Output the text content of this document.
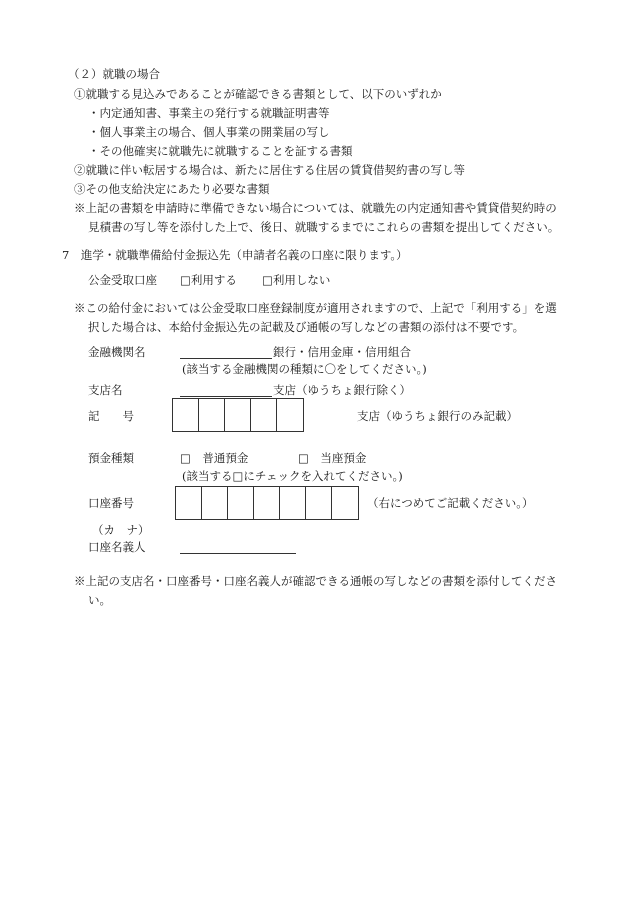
（２）就職の場合
①就職する見込みであることが確認できる書類として、以下のいずれか
・内定通知書、事業主の発行する就職証明書等
・個人事業主の場合、個人事業の開業届の写し
・その他確実に就職先に就職することを証する書類
②就職に伴い転居する場合は、新たに居住する住居の賃貸借契約書の写し等
③その他支給決定にあたり必要な書類
※上記の書類を申請時に準備できない場合については、就職先の内定通知書や賃貸借契約時の
見積書の写し等を添付した上で、後日、就職するまでにこれらの書類を提出してください。
7　進学・就職準備給付金振込先（申請者名義の口座に限ります。）
公金受取口座 □利用する □利用しない
※この給付金においては公金受取口座登録制度が適用されますので、上記で「利用する」を選
択した場合は、本給付金振込先の記載及び通帳の写しなどの書類の添付は不要です。
金融機関名	銀行・信用金庫・信用組合
(該当する金融機関の種類に〇をしてください。)
支店名	支店（ゆうちょ銀行除く）
記　　号	支店（ゆうちょ銀行のみ記載）
預金種類	□　普通預金	□　当座預金
(該当する□にチェックを入れてください。)
口座番号	（右につめてご記載ください。）
（カ　ナ）
口座名義人
※上記の支店名・口座番号・口座名義人が確認できる通帳の写しなどの書類を添付してくださ
い。
